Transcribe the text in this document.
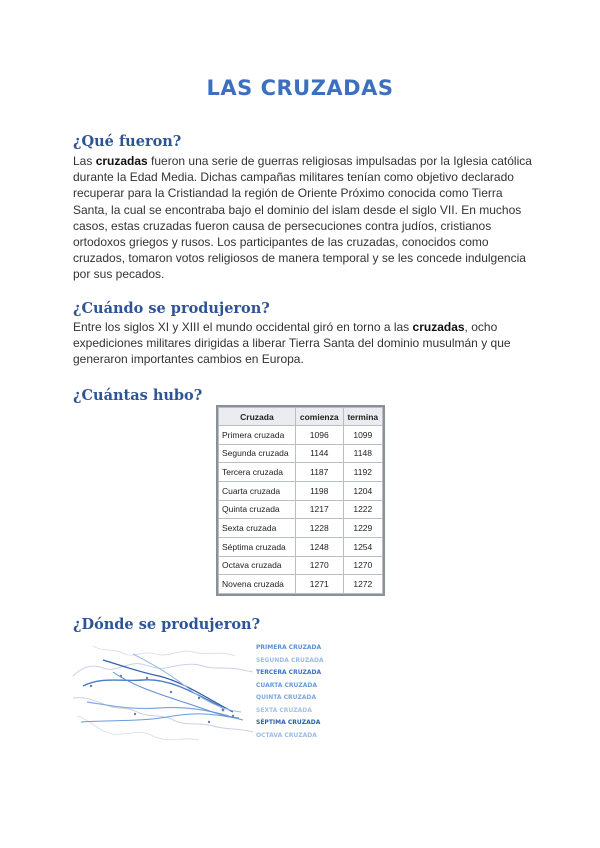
LAS CRUZADAS
¿Qué fueron?
Las cruzadas fueron una serie de guerras religiosas impulsadas por la Iglesia católica durante la Edad Media. Dichas campañas militares tenían como objetivo declarado recuperar para la Cristiandad la región de Oriente Próximo conocida como Tierra Santa, la cual se encontraba bajo el dominio del islam desde el siglo VII. En muchos casos, estas cruzadas fueron causa de persecuciones contra judíos, cristianos ortodoxos griegos y rusos. Los participantes de las cruzadas, conocidos como cruzados, tomaron votos religiosos de manera temporal y se les concede indulgencia por sus pecados.
¿Cuándo se produjeron?
Entre los siglos XI y XIII el mundo occidental giró en torno a las cruzadas, ocho expediciones militares dirigidas a liberar Tierra Santa del dominio musulmán y que generaron importantes cambios en Europa.
¿Cuántas hubo?
Cruzada	comienza	termina
Primera cruzada	1096	1099
Segunda cruzada	1144	1148
Tercera cruzada	1187	1192
Cuarta cruzada	1198	1204
Quinta cruzada	1217	1222
Sexta cruzada	1228	1229
Séptima cruzada	1248	1254
Octava cruzada	1270	1270
Novena cruzada	1271	1272
¿Dónde se produjeron?
PRIMERA CRUZADA
SEGUNDA CRUZADA
TERCERA CRUZADA
CUARTA CRUZADA
QUINTA CRUZADA
SEXTA CRUZADA
SÉPTIMA CRUZADA
OCTAVA CRUZADA
